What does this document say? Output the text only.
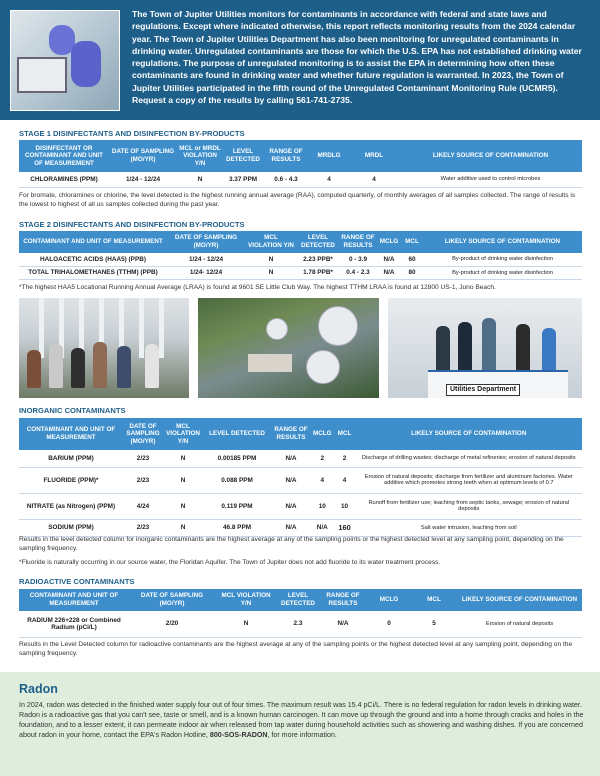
The Town of Jupiter Utilities monitors for contaminants in accordance with federal and state laws and regulations. Except where indicated otherwise, this report reflects monitoring results from the 2024 calendar year. The Town of Jupiter Utilities Department has also been monitoring for unregulated contaminants in drinking water. Unregulated contaminants are those for which the U.S. EPA has not established drinking water regulations. The purpose of unregulated monitoring is to assist the EPA in determining how often these contaminants are found in drinking water and whether future regulation is warranted. In 2023, the Town of Jupiter Utilities participated in the fifth round of the Unregulated Contaminant Monitoring Rule (UCMR5). Request a copy of the results by calling 561-741-2735.
STAGE 1 DISINFECTANTS AND DISINFECTION BY-PRODUCTS
DISINFECTANT OR CONTAMINANT AND UNIT OF MEASUREMENT	DATE OF SAMPLING (MO/YR)	MCL or MRDL VIOLATION Y/N	LEVEL DETECTED	RANGE OF RESULTS	MRDLG	MRDL	LIKELY SOURCE OF CONTAMINATION
CHLORAMINES (PPM)	1/24 - 12/24	N	3.37 PPM	0.6 - 4.3	4	4	Water additive used to control microbes
For bromate, chloramines or chlorine, the level detected is the highest running annual average (RAA), computed quarterly, of monthly averages of all samples collected. The range of results is the lowest to highest of all us samples collected during the past year.
STAGE 2 DISINFECTANTS AND DISINFECTION BY-PRODUCTS
CONTAMINANT AND UNIT OF MEASUREMENT	DATE OF SAMPLING (MO/YR)	MCL VIOLATION Y/N	LEVEL DETECTED	RANGE OF RESULTS	MCLG	MCL	LIKELY SOURCE OF CONTAMINATION
HALOACETIC ACIDS (HAA5) (PPB)	1/24 - 12/24	N	2.23 PPB*	0 - 3.9	N/A	60	By-product of drinking water disinfection
TOTAL TRIHALOMETHANES (TTHM) (PPB)	1/24- 12/24	N	1.78 PPB*	0.4 - 2.3	N/A	80	By-product of drinking water disinfection
*The highest HAA5 Locational Running Annual Average (LRAA) is found at 9601 SE Little Club Way. The highest TTHM LRAA is found at 12800 US-1, Juno Beach.
Utilities Department
INORGANIC CONTAMINANTS
CONTAMINANT AND UNIT OF MEASUREMENT	DATE OF SAMPLING (MO/YR)	MCL VIOLATION Y/N	LEVEL DETECTED	RANGE OF RESULTS	MCLG	MCL	LIKELY SOURCE OF CONTAMINATION
BARIUM (PPM)	2/23	N	0.00185 PPM	N/A	2	2	Discharge of drilling wastes; discharge of metal refineries; erosion of natural deposits
FLUORIDE (PPM)*	2/23	N	0.088 PPM	N/A	4	4	Erosion of natural deposits; discharge from fertilizer and aluminum factories. Water additive which promotes strong teeth when at optimum levels of 0.7
NITRATE (as Nitrogen) (PPM)	4/24	N	0.119 PPM	N/A	10	10	Runoff from fertilizer use; leaching from septic tanks, sewage; erosion of natural deposits
SODIUM (PPM)	2/23	N	46.8 PPM	N/A	N/A	160	Salt water intrusion, leaching from soil
Results in the level detected column for inorganic contaminants are the highest average at any of the sampling points or the highest detected level at any sampling point, depending on the sampling frequency.
*Fluoride is naturally occurring in our source water, the Floridan Aquifer. The Town of Jupiter does not add fluoride to its water treatment process.
RADIOACTIVE CONTAMINANTS
CONTAMINANT AND UNIT OF MEASUREMENT	DATE OF SAMPLING (MO/YR)	MCL VIOLATION Y/N	LEVEL DETECTED	RANGE OF RESULTS	MCLG	MCL	LIKELY SOURCE OF CONTAMINATION
RADIUM 226+228 or Combined Radium (pCi/L)	2/20	N	2.3	N/A	0	5	Erosion of natural deposits
Results in the Level Detected column for radioactive contaminants are the highest average at any of the sampling points or the highest detected level at any sampling point, depending on the sampling frequency.
Radon
In 2024, radon was detected in the finished water supply four out of four times. The maximum result was 15.4 pCi/L. There is no federal regulation for radon levels in drinking water. Radon is a radioactive gas that you can't see, taste or smell, and is a known human carcinogen. It can move up through the ground and into a home through cracks and holes in the foundation, and to a lesser extent, it can permeate indoor air when released from tap water during household activities such as showering and washing dishes. If you are concerned about radon in your home, contact the EPA's Radon Hotline, 800-SOS-RADON, for more information.
